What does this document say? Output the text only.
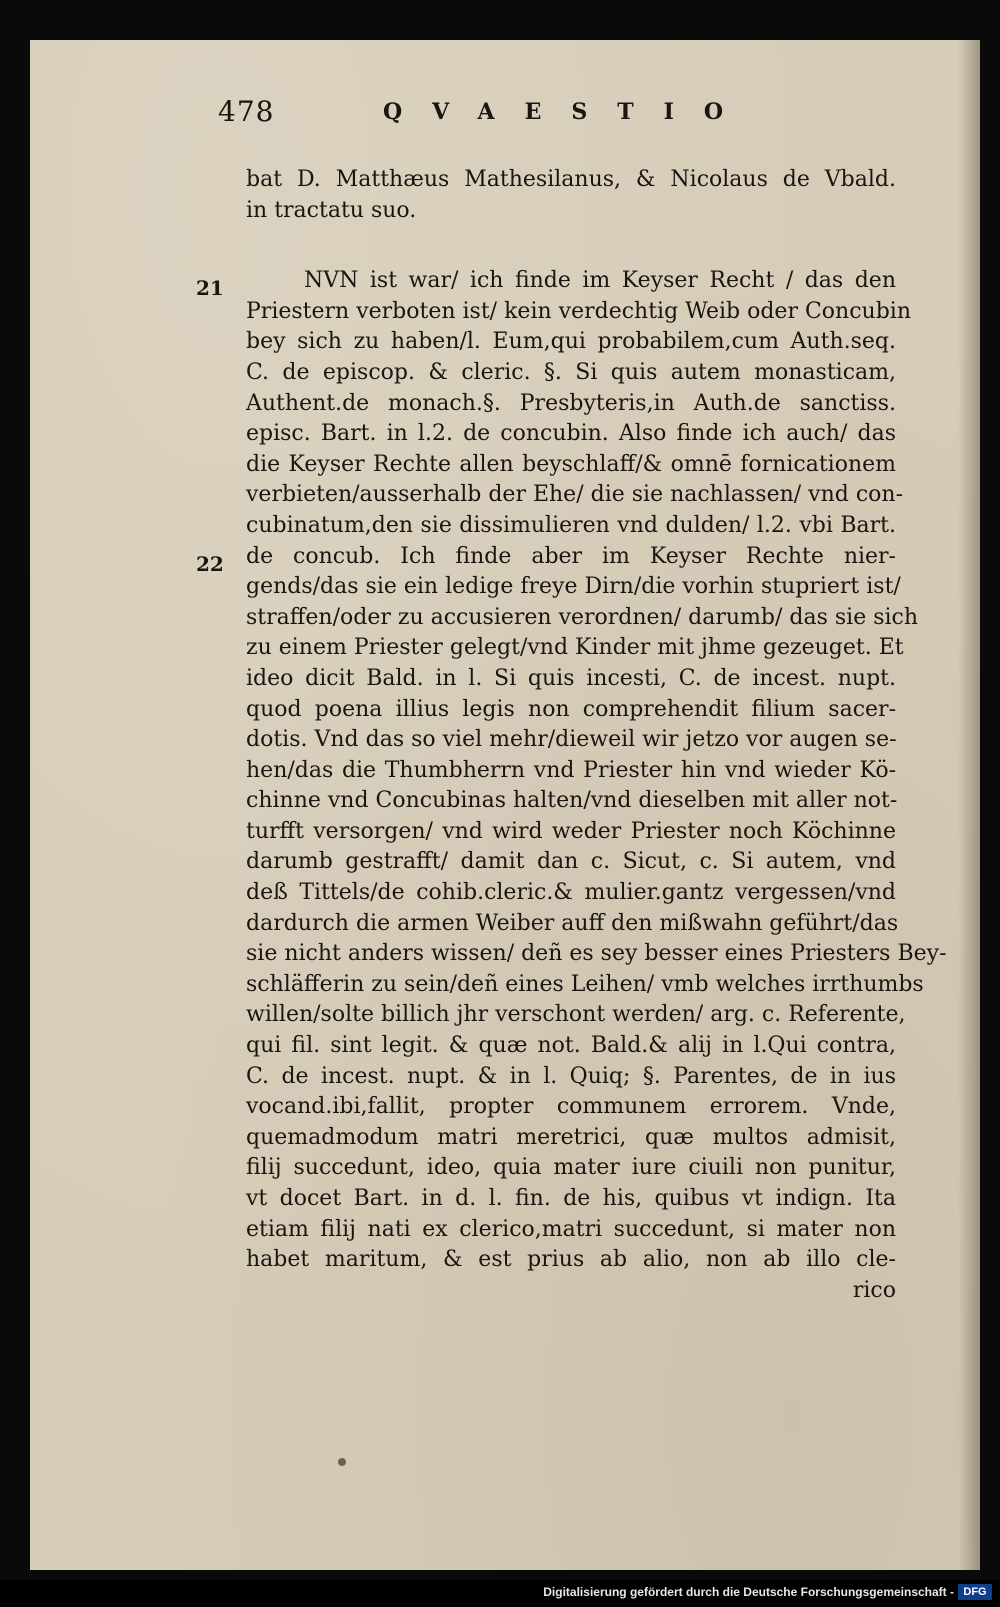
478	QVAESTIO
21
22
bat D. Matthæus Mathesilanus, & Nicolaus de Vbald.
in tractatu suo.
NVN ist war/ ich finde im Keyser Recht / das den
Priestern verboten ist/ kein verdechtig Weib oder Concubin
bey sich zu haben/l. Eum,qui probabilem,cum Auth.seq.
C. de episcop. & cleric. §. Si quis autem monasticam,
Authent.de monach.§. Presbyteris,in Auth.de sanctiss.
episc. Bart. in l.2. de concubin. Also finde ich auch/ das
die Keyser Rechte allen beyschlaff/& omnē fornicationem
verbieten/ausserhalb der Ehe/ die sie nachlassen/ vnd con-
cubinatum,den sie dissimulieren vnd dulden/ l.2. vbi Bart.
de concub. Ich finde aber im Keyser Rechte nier-
gends/das sie ein ledige freye Dirn/die vorhin stupriert ist/
straffen/oder zu accusieren verordnen/ darumb/ das sie sich
zu einem Priester gelegt/vnd Kinder mit jhme gezeuget. Et
ideo dicit Bald. in l. Si quis incesti, C. de incest. nupt.
quod poena illius legis non comprehendit filium sacer-
dotis. Vnd das so viel mehr/dieweil wir jetzo vor augen se-
hen/das die Thumbherrn vnd Priester hin vnd wieder Kö-
chinne vnd Concubinas halten/vnd dieselben mit aller not-
turfft versorgen/ vnd wird weder Priester noch Köchinne
darumb gestrafft/ damit dan c. Sicut, c. Si autem, vnd
deß Tittels/de cohib.cleric.& mulier.gantz vergessen/vnd
dardurch die armen Weiber auff den mißwahn geführt/das
sie nicht anders wissen/ deñ es sey besser eines Priesters Bey-
schläfferin zu sein/deñ eines Leihen/ vmb welches irrthumbs
willen/solte billich jhr verschont werden/ arg. c. Referente,
qui fil. sint legit. & quæ not. Bald.& alij in l.Qui contra,
C. de incest. nupt. & in l. Quiq; §. Parentes, de in ius
vocand.ibi,fallit, propter communem errorem. Vnde,
quemadmodum matri meretrici, quæ multos admisit,
filij succedunt, ideo, quia mater iure ciuili non punitur,
vt docet Bart. in d. l. fin. de his, quibus vt indign. Ita
etiam filij nati ex clerico,matri succedunt, si mater non
habet maritum, & est prius ab alio, non ab illo cle-
rico
Digitalisierung gefördert durch die Deutsche Forschungsgemeinschaft - DFG
